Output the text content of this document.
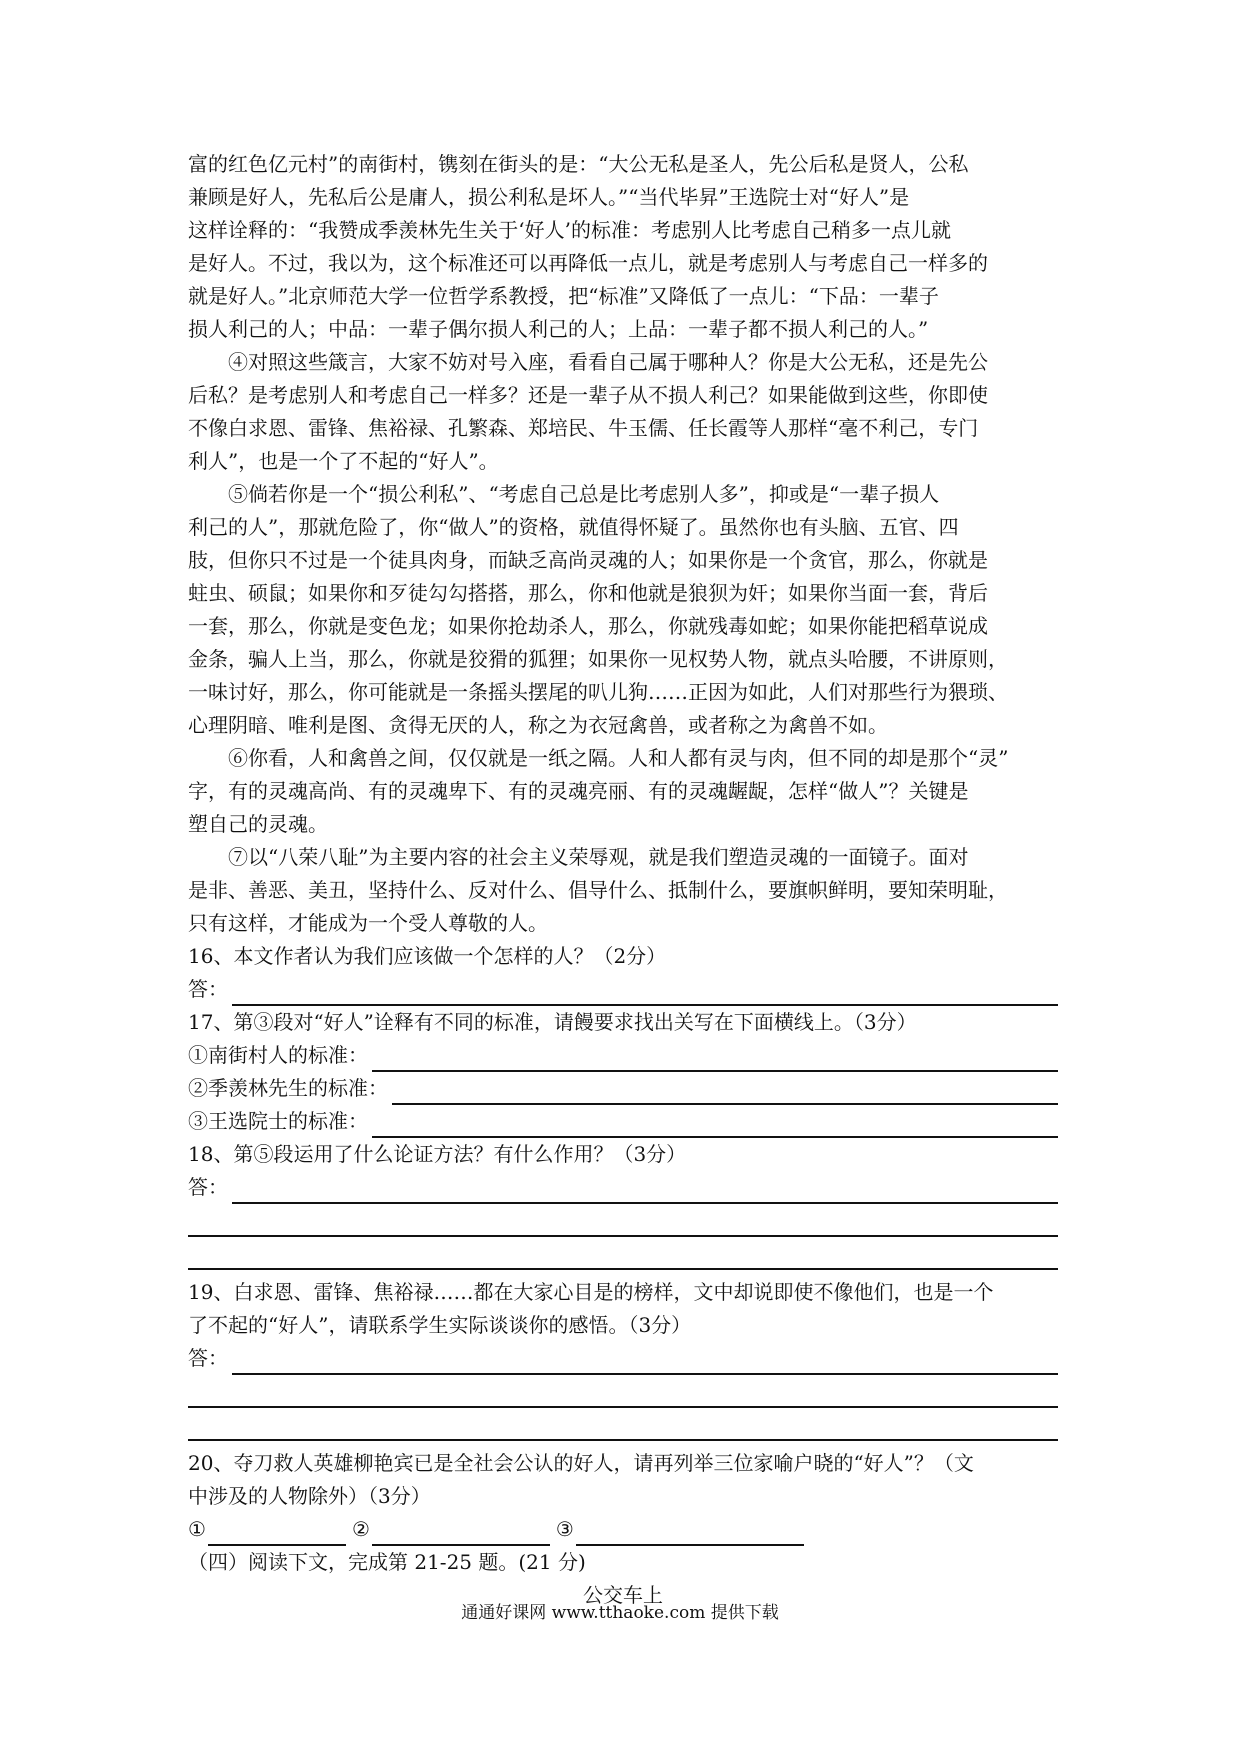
富的红色亿元村”的南街村，镌刻在街头的是：“大公无私是圣人，先公后私是贤人，公私
兼顾是好人，先私后公是庸人，损公利私是坏人。”“当代毕昇”王选院士对“好人”是
这样诠释的：“我赞成季羡林先生关于‘好人’的标准：考虑别人比考虑自己稍多一点儿就
是好人。不过，我以为，这个标准还可以再降低一点儿，就是考虑别人与考虑自己一样多的
就是好人。”北京师范大学一位哲学系教授，把“标准”又降低了一点儿：“下品：一辈子
损人利己的人；中品：一辈子偶尔损人利己的人；上品：一辈子都不损人利己的人。”
④对照这些箴言，大家不妨对号入座，看看自己属于哪种人？你是大公无私，还是先公
后私？是考虑别人和考虑自己一样多？还是一辈子从不损人利己？如果能做到这些，你即使
不像白求恩、雷锋、焦裕禄、孔繁森、郑培民、牛玉儒、任长霞等人那样“毫不利己，专门
利人”，也是一个了不起的“好人”。
⑤倘若你是一个“损公利私”、“考虑自己总是比考虑别人多”，抑或是“一辈子损人
利己的人”，那就危险了，你“做人”的资格，就值得怀疑了。虽然你也有头脑、五官、四
肢，但你只不过是一个徒具肉身，而缺乏高尚灵魂的人；如果你是一个贪官，那么，你就是
蛀虫、硕鼠；如果你和歹徒勾勾搭搭，那么，你和他就是狼狈为奸；如果你当面一套，背后
一套，那么，你就是变色龙；如果你抢劫杀人，那么，你就残毒如蛇；如果你能把稻草说成
金条，骗人上当，那么，你就是狡猾的狐狸；如果你一见权势人物，就点头哈腰，不讲原则，
一味讨好，那么，你可能就是一条摇头摆尾的叭儿狗……正因为如此，人们对那些行为猥琐、
心理阴暗、唯利是图、贪得无厌的人，称之为衣冠禽兽，或者称之为禽兽不如。
⑥你看，人和禽兽之间，仅仅就是一纸之隔。人和人都有灵与肉，但不同的却是那个“灵”
字，有的灵魂高尚、有的灵魂卑下、有的灵魂亮丽、有的灵魂龌龊，怎样“做人”？关键是
塑自己的灵魂。
⑦以“八荣八耻”为主要内容的社会主义荣辱观，就是我们塑造灵魂的一面镜子。面对
是非、善恶、美丑，坚持什么、反对什么、倡导什么、抵制什么，要旗帜鲜明，要知荣明耻，
只有这样，才能成为一个受人尊敬的人。
16、本文作者认为我们应该做一个怎样的人？（2分）
答：
17、第③段对“好人”诠释有不同的标准，请饅要求找出关写在下面横线上。（3分）
①南街村人的标准：
②季羡林先生的标准：
③王选院士的标准：
18、第⑤段运用了什么论证方法？有什么作用？（3分）
答：
19、白求恩、雷锋、焦裕禄……都在大家心目是的榜样，文中却说即使不像他们，也是一个
了不起的“好人”，请联系学生实际谈谈你的感悟。（3分）
答：
20、夺刀救人英雄柳艳宾已是全社会公认的好人，请再列举三位家喻户晓的“好人”？（文
中涉及的人物除外）（3分）
①	②	③
（四）阅读下文，完成第 21-25 题。(21 分)
公交车上
通通好课网 www.tthaoke.com 提供下载
